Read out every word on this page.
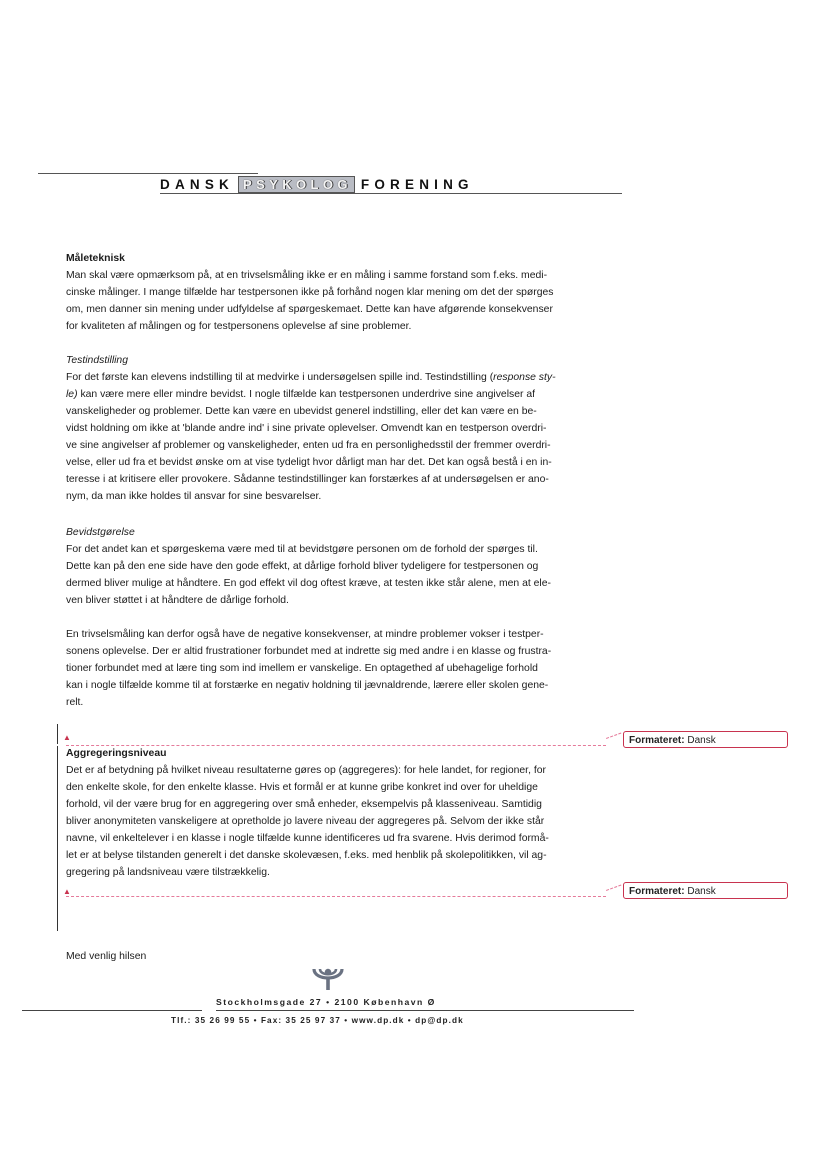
DANSK PSYKOLOG FORENING
Måleteknisk
Man skal være opmærksom på, at en trivselsmåling ikke er en måling i samme forstand som f.eks. medi-
cinske målinger. I mange tilfælde har testpersonen ikke på forhånd nogen klar mening om det der spørges
om, men danner sin mening under udfyldelse af spørgeskemaet. Dette kan have afgørende konsekvenser
for kvaliteten af målingen og for testpersonens oplevelse af sine problemer.
Testindstilling
For det første kan elevens indstilling til at medvirke i undersøgelsen spille ind. Testindstilling (response sty-
le) kan være mere eller mindre bevidst. I nogle tilfælde kan testpersonen underdrive sine angivelser af
vanskeligheder og problemer. Dette kan være en ubevidst generel indstilling, eller det kan være en be-
vidst holdning om ikke at 'blande andre ind' i sine private oplevelser. Omvendt kan en testperson overdri-
ve sine angivelser af problemer og vanskeligheder, enten ud fra en personlighedsstil der fremmer overdri-
velse, eller ud fra et bevidst ønske om at vise tydeligt hvor dårligt man har det. Det kan også bestå i en in-
teresse i at kritisere eller provokere. Sådanne testindstillinger kan forstærkes af at undersøgelsen er ano-
nym, da man ikke holdes til ansvar for sine besvarelser.
Bevidstgørelse
For det andet kan et spørgeskema være med til at bevidstgøre personen om de forhold der spørges til.
Dette kan på den ene side have den gode effekt, at dårlige forhold bliver tydeligere for testpersonen og
dermed bliver mulige at håndtere. En god effekt vil dog oftest kræve, at testen ikke står alene, men at ele-
ven bliver støttet i at håndtere de dårlige forhold.
En trivselsmåling kan derfor også have de negative konsekvenser, at mindre problemer vokser i testper-
sonens oplevelse. Der er altid frustrationer forbundet med at indrette sig med andre i en klasse og frustra-
tioner forbundet med at lære ting som ind imellem er vanskelige. En optagethed af ubehagelige forhold
kan i nogle tilfælde komme til at forstærke en negativ holdning til jævnaldrende, lærere eller skolen gene-
relt.
▲	Formateret: Dansk
Aggregeringsniveau
Det er af betydning på hvilket niveau resultaterne gøres op (aggregeres): for hele landet, for regioner, for
den enkelte skole, for den enkelte klasse. Hvis et formål er at kunne gribe konkret ind over for uheldige
forhold, vil der være brug for en aggregering over små enheder, eksempelvis på klasseniveau. Samtidig
bliver anonymiteten vanskeligere at opretholde jo lavere niveau der aggregeres på. Selvom der ikke står
navne, vil enkeltelever i en klasse i nogle tilfælde kunne identificeres ud fra svarene. Hvis derimod formå-
let er at belyse tilstanden generelt i det danske skolevæsen, f.eks. med henblik på skolepolitikken, vil ag-
gregering på landsniveau være tilstrækkelig.
▲	Formateret: Dansk
Med venlig hilsen
Stockholmsgade 27 • 2100 København Ø
Tlf.: 35 26 99 55 • Fax: 35 25 97 37 • www.dp.dk • dp@dp.dk
